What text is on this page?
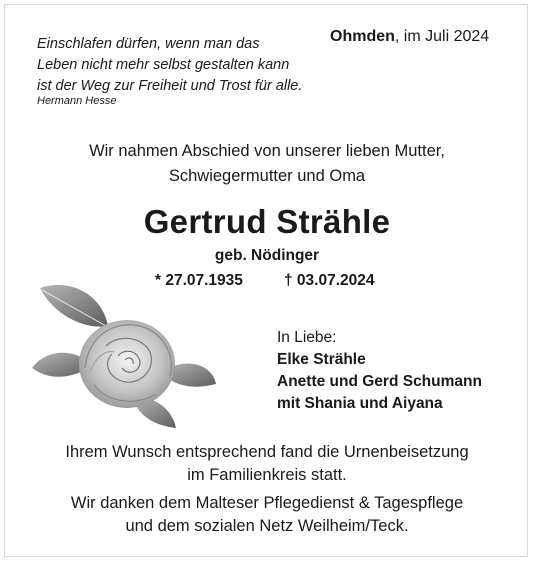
Einschlafen dürfen, wenn man das
Leben nicht mehr selbst gestalten kann
ist der Weg zur Freiheit und Trost für alle.
Hermann Hesse
Ohmden, im Juli 2024
Wir nahmen Abschied von unserer lieben Mutter,
Schwiegermutter und Oma
Gertrud Strähle
geb. Nödinger
* 27.07.1935	† 03.07.2024
In Liebe:
Elke Strähle
Anette und Gerd Schumann
mit Shania und Aiyana
Ihrem Wunsch entsprechend fand die Urnenbeisetzung
im Familienkreis statt.
Wir danken dem Malteser Pflegedienst & Tagespflege
und dem sozialen Netz Weilheim/Teck.
